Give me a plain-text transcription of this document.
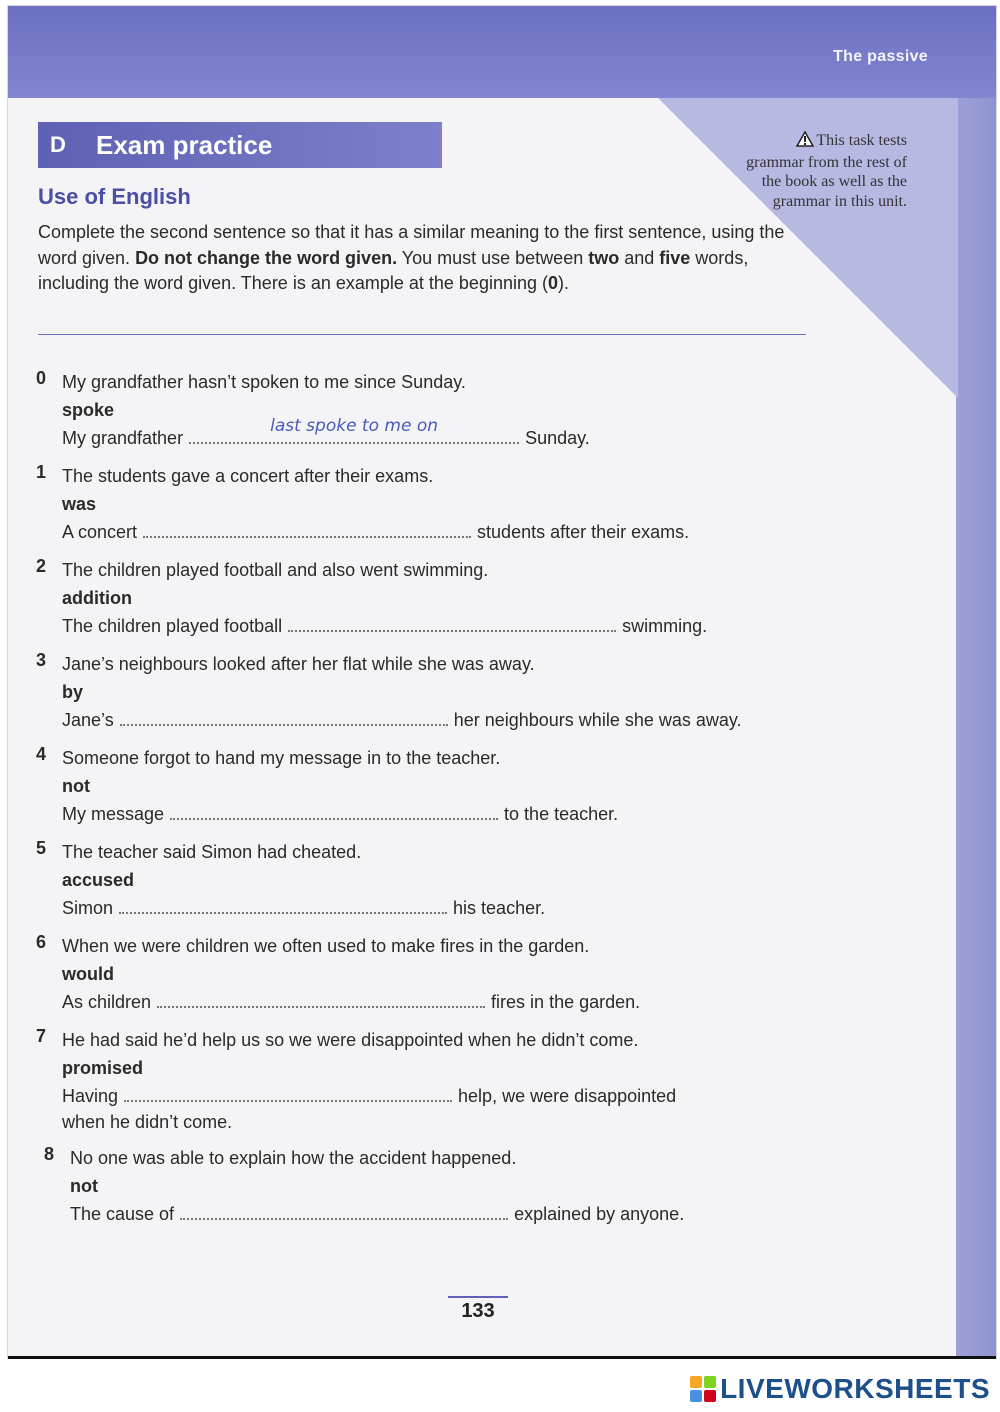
The passive
D	Exam practice
Use of English
Complete the second sentence so that it has a similar meaning to the first sentence, using the word given. Do not change the word given. You must use between two and five words, including the word given. There is an example at the beginning (0).
This task tests grammar from the rest of the book as well as the grammar in this unit.
0 My grandfather hasn’t spoken to me since Sunday.
spoke
My grandfather
last spoke to me on
Sunday.
1 The students gave a concert after their exams.
was
A concert	students after their exams.
2 The children played football and also went swimming.
addition
The children played football	swimming.
3 Jane’s neighbours looked after her flat while she was away.
by
Jane’s	her neighbours while she was away.
4 Someone forgot to hand my message in to the teacher.
not
My message	to the teacher.
5 The teacher said Simon had cheated.
accused
Simon	his teacher.
6 When we were children we often used to make fires in the garden.
would
As children	fires in the garden.
7 He had said he’d help us so we were disappointed when he didn’t come.
promised
Having	help, we were disappointed
when he didn’t come.
8 No one was able to explain how the accident happened.
not
The cause of	explained by anyone.
133
LIVEWORKSHEETS
